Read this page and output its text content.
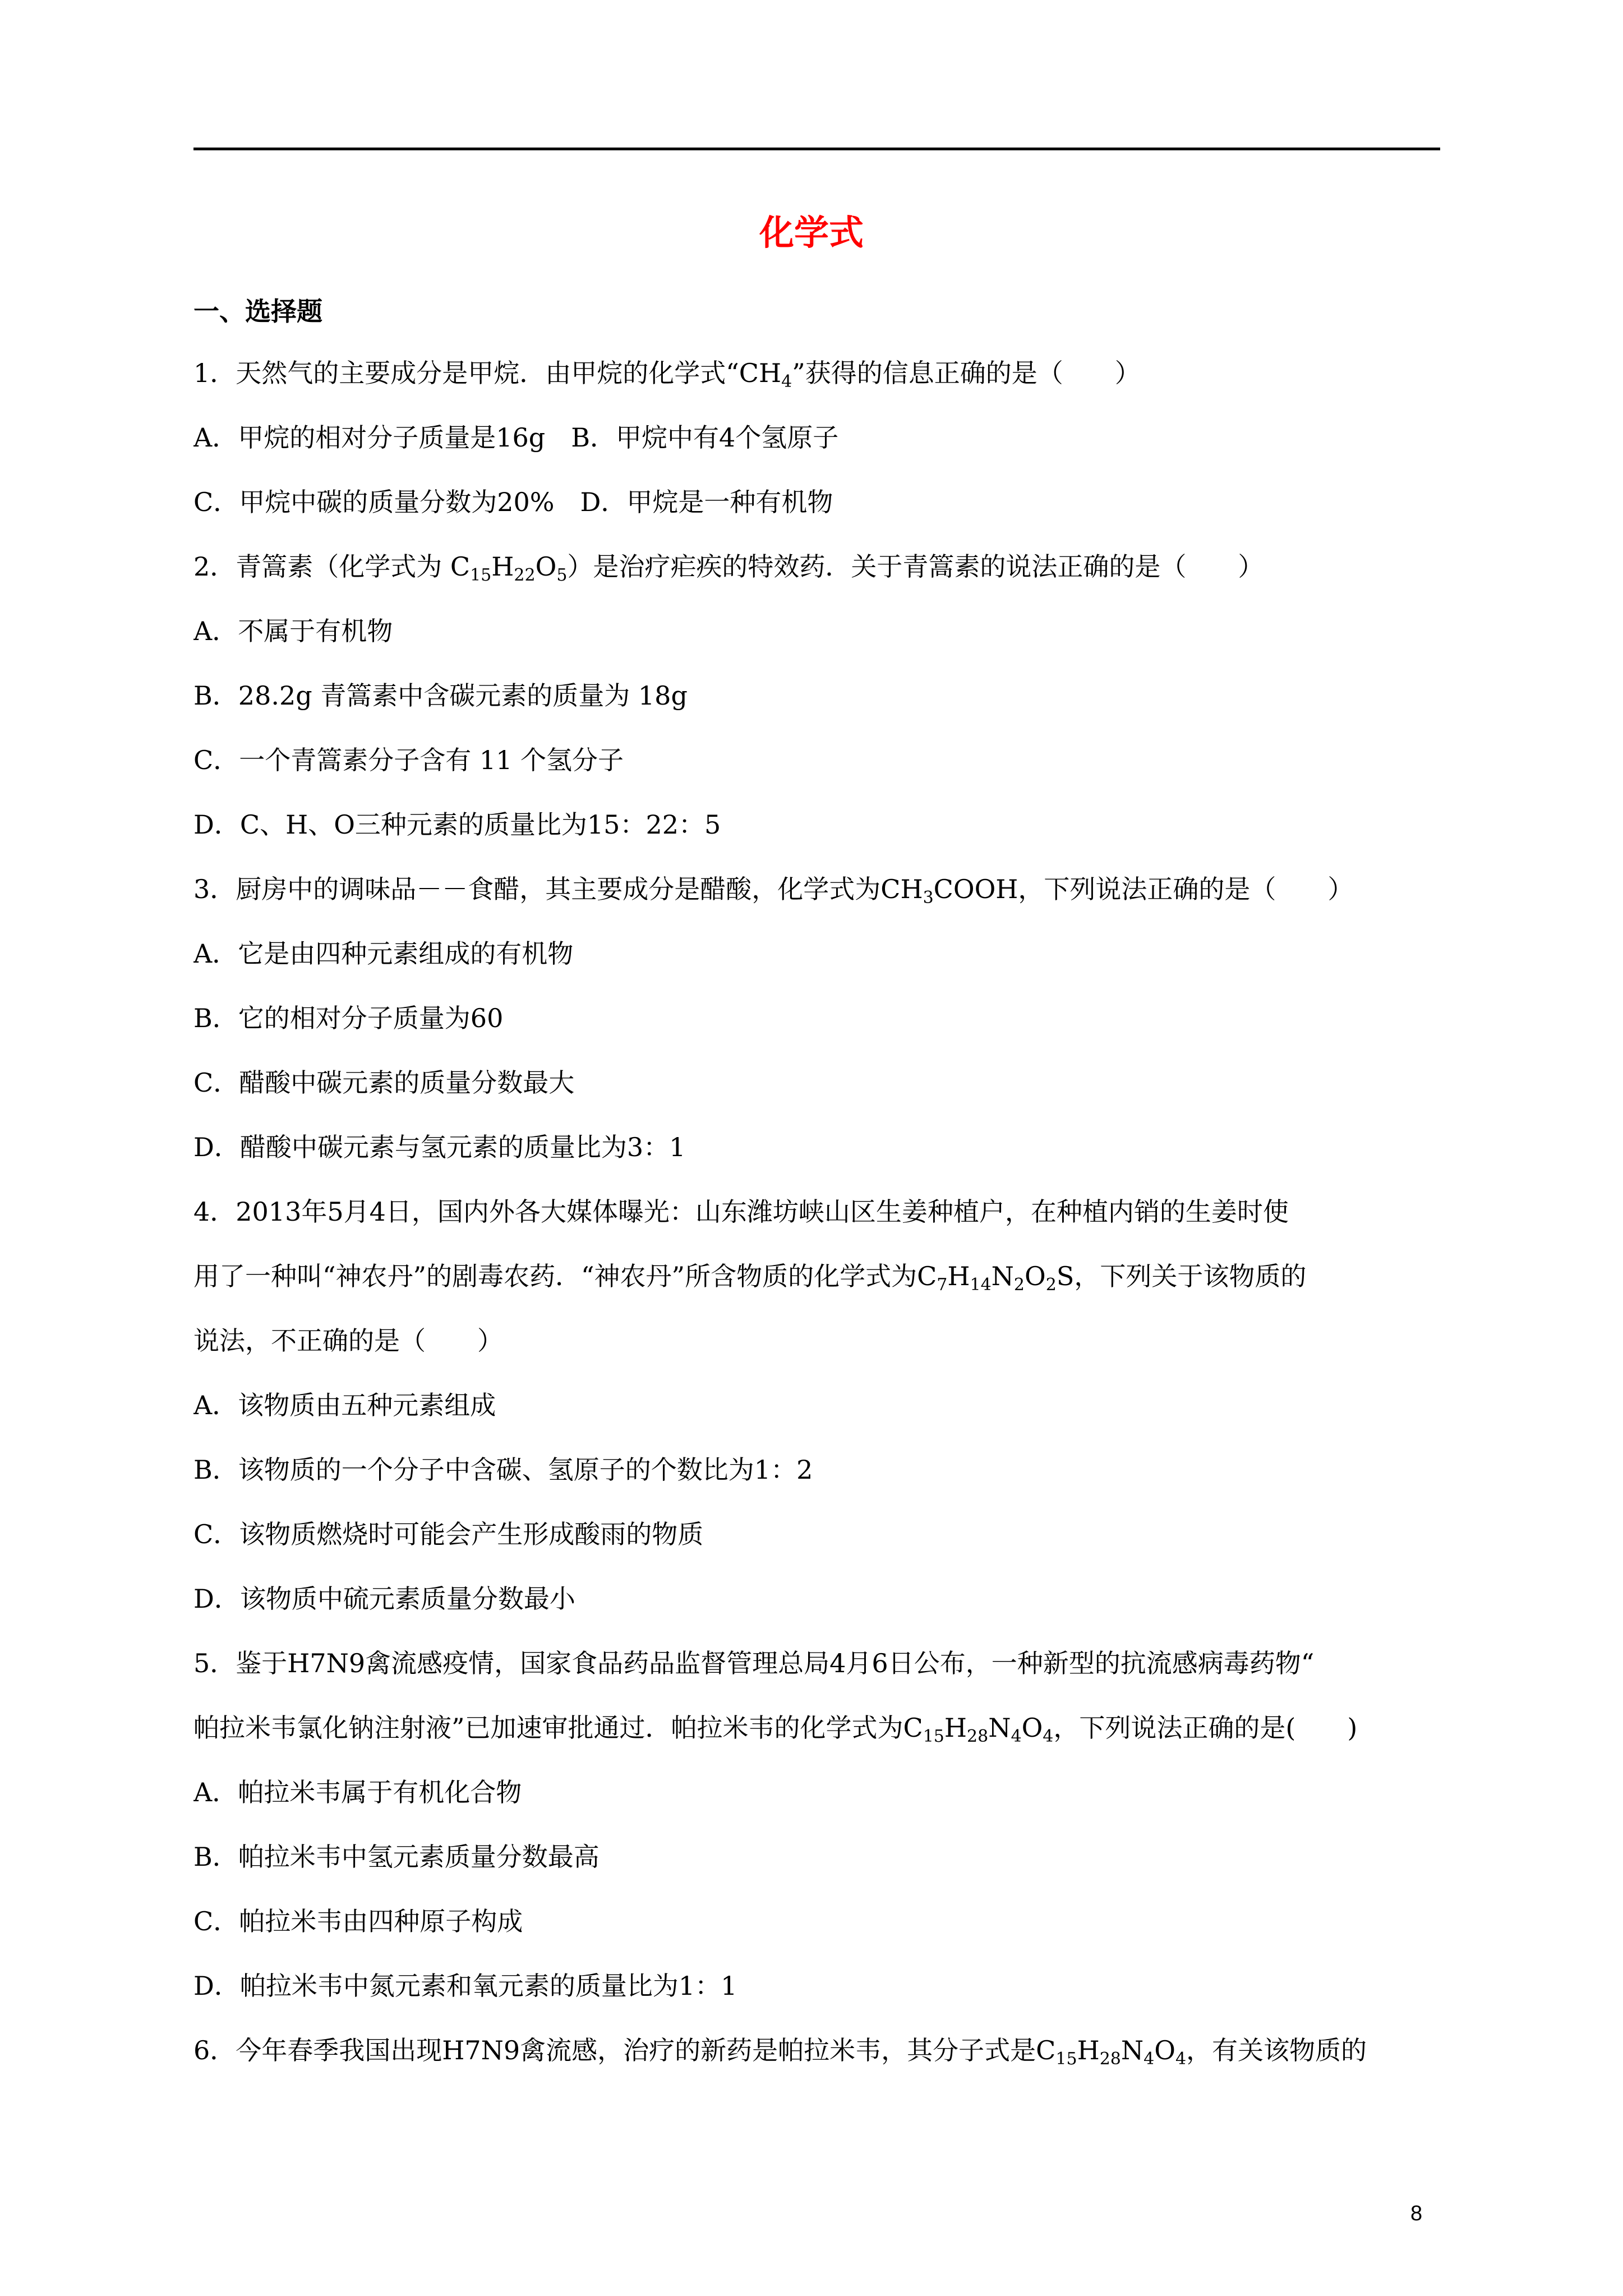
化学式
一、选择题
1．天然气的主要成分是甲烷．由甲烷的化学式“$CH_4$”获得的信息正确的是（　　）
A．甲烷的相对分子质量是16g　B．甲烷中有4个氢原子
C．甲烷中碳的质量分数为20%　D．甲烷是一种有机物
2．青篙素（化学式为 $C_{15}H_{22}O_5$）是治疗疟疾的特效药．关于青篙素的说法正确的是（　　）
A．不属于有机物
B．28.2g 青篙素中含碳元素的质量为 18g
C．一个青篙素分子含有 11 个氢分子
D．C、H、O三种元素的质量比为15：22：5
3．厨房中的调味品－－食醋，其主要成分是醋酸，化学式为$CH_3COOH$，下列说法正确的是（　　）
A．它是由四种元素组成的有机物
B．它的相对分子质量为60
C．醋酸中碳元素的质量分数最大
D．醋酸中碳元素与氢元素的质量比为3：1
4．2013年5月4日，国内外各大媒体曝光：山东潍坊峡山区生姜种植户，在种植内销的生姜时使
用了一种叫“神农丹”的剧毒农药．“神农丹”所含物质的化学式为$C_7H_{14}N_2O_2S$，下列关于该物质的
说法，不正确的是（　　）
A．该物质由五种元素组成
B．该物质的一个分子中含碳、氢原子的个数比为1：2
C．该物质燃烧时可能会产生形成酸雨的物质
D．该物质中硫元素质量分数最小
5．鉴于H7N9禽流感疫情，国家食品药品监督管理总局4月6日公布，一种新型的抗流感病毒药物“
帕拉米韦氯化钠注射液”已加速审批通过．帕拉米韦的化学式为$C_{15}H_{28}N_4O_4$，下列说法正确的是(　　)
A．帕拉米韦属于有机化合物
B．帕拉米韦中氢元素质量分数最高
C．帕拉米韦由四种原子构成
D．帕拉米韦中氮元素和氧元素的质量比为1：1
6．今年春季我国出现H7N9禽流感，治疗的新药是帕拉米韦，其分子式是$C_{15}H_{28}N_4O_4$，有关该物质的
8
